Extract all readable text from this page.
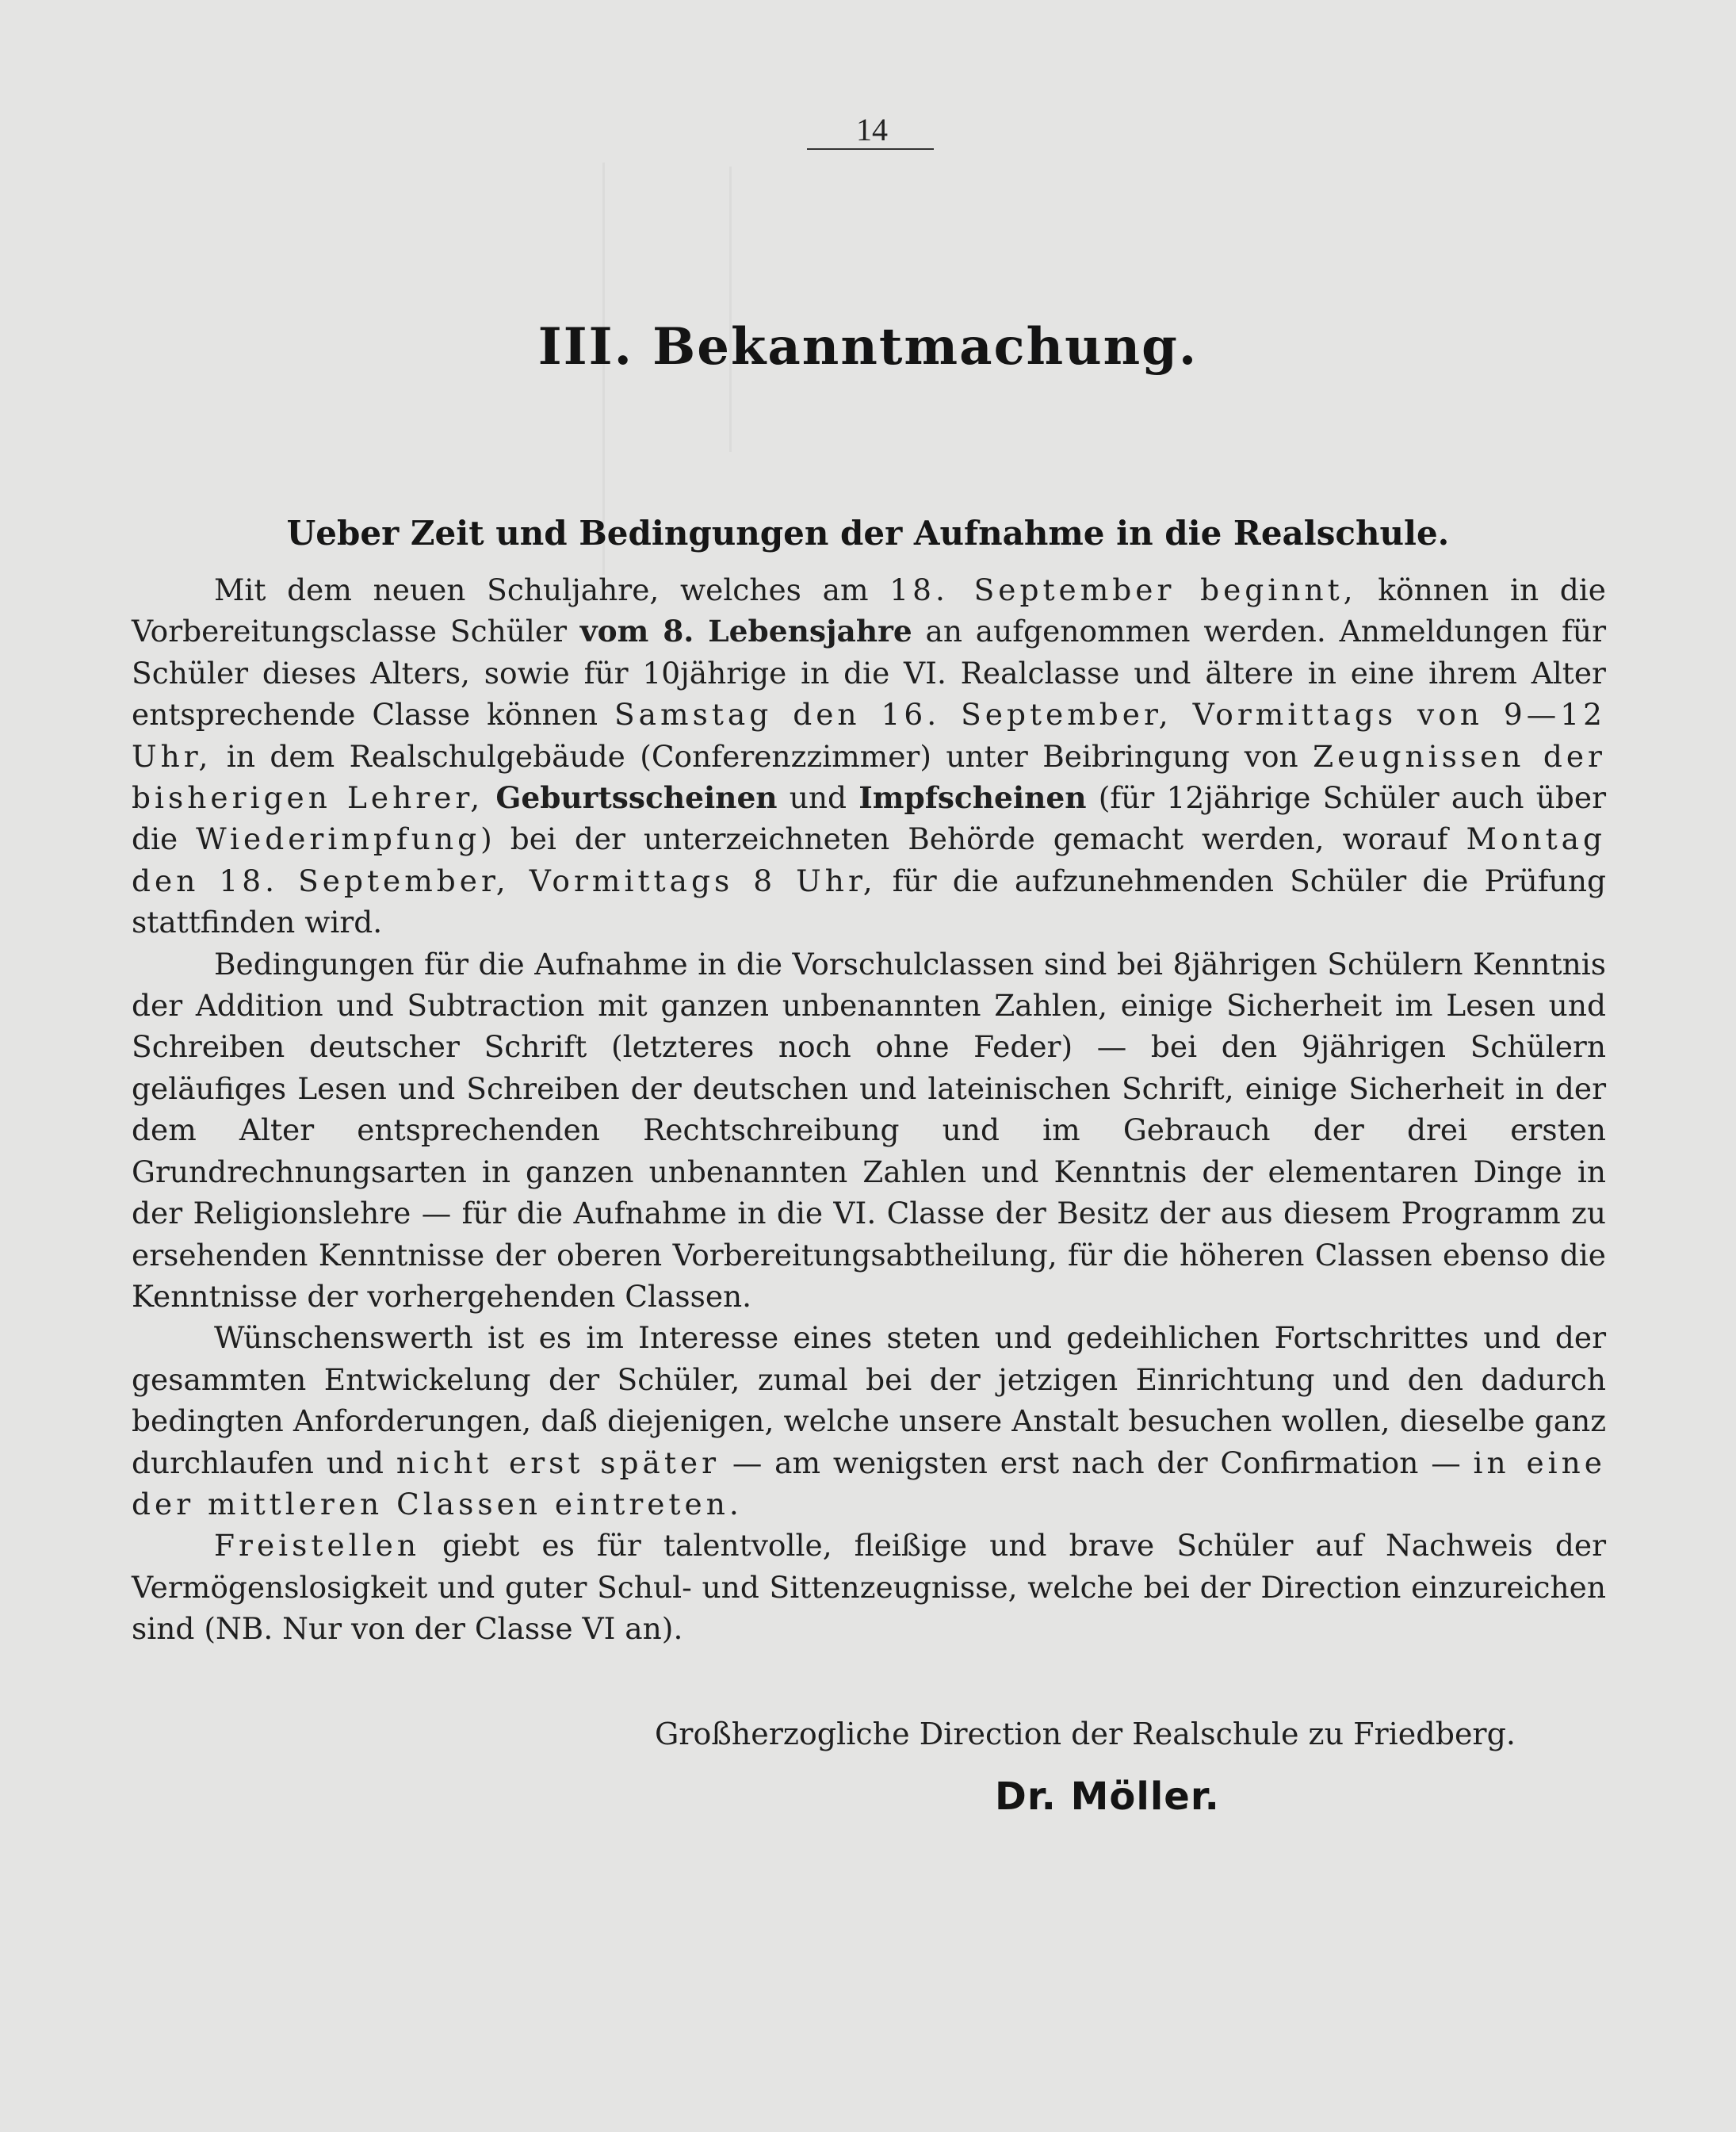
14
III. Bekanntmachung.
Ueber Zeit und Bedingungen der Aufnahme in die Realschule.

Mit dem neuen Schuljahre, welches am 18. September beginnt, können in die Vorbereitungsclasse Schüler vom 8. Lebensjahre an aufgenommen werden. Anmeldungen für Schüler dieses Alters, sowie für 10jährige in die VI. Realclasse und ältere in eine ihrem Alter entsprechende Classe können Samstag den 16. September, Vormittags von 9—12 Uhr, in dem Realschulgebäude (Conferenzzimmer) unter Beibringung von Zeugnissen der bisherigen Lehrer, Geburtsscheinen und Impfscheinen (für 12jährige Schüler auch über die Wiederimpfung) bei der unterzeichneten Behörde gemacht werden, worauf Montag den 18. September, Vormittags 8 Uhr, für die aufzunehmenden Schüler die Prüfung stattfinden wird.

Bedingungen für die Aufnahme in die Vorschulclassen sind bei 8jährigen Schülern Kenntnis der Addition und Subtraction mit ganzen unbenannten Zahlen, einige Sicherheit im Lesen und Schreiben deutscher Schrift (letzteres noch ohne Feder) — bei den 9jährigen Schülern geläufiges Lesen und Schreiben der deutschen und lateinischen Schrift, einige Sicherheit in der dem Alter entsprechenden Rechtschreibung und im Gebrauch der drei ersten Grundrechnungsarten in ganzen unbenannten Zahlen und Kenntnis der elementaren Dinge in der Religionslehre — für die Aufnahme in die VI. Classe der Besitz der aus diesem Programm zu ersehenden Kenntnisse der oberen Vorbereitungsabtheilung, für die höheren Classen ebenso die Kenntnisse der vorhergehenden Classen.

Wünschenswerth ist es im Interesse eines steten und gedeihlichen Fortschrittes und der gesammten Entwickelung der Schüler, zumal bei der jetzigen Einrichtung und den dadurch bedingten Anforderungen, daß diejenigen, welche unsere Anstalt besuchen wollen, dieselbe ganz durchlaufen und nicht erst später — am wenigsten erst nach der Confirmation — in eine der mittleren Classen eintreten.

Freistellen giebt es für talentvolle, fleißige und brave Schüler auf Nachweis der Vermögenslosigkeit und guter Schul- und Sittenzeugnisse, welche bei der Direction einzureichen sind (NB. Nur von der Classe VI an).

Großherzogliche Direction der Realschule zu Friedberg.
Dr. Möller.
